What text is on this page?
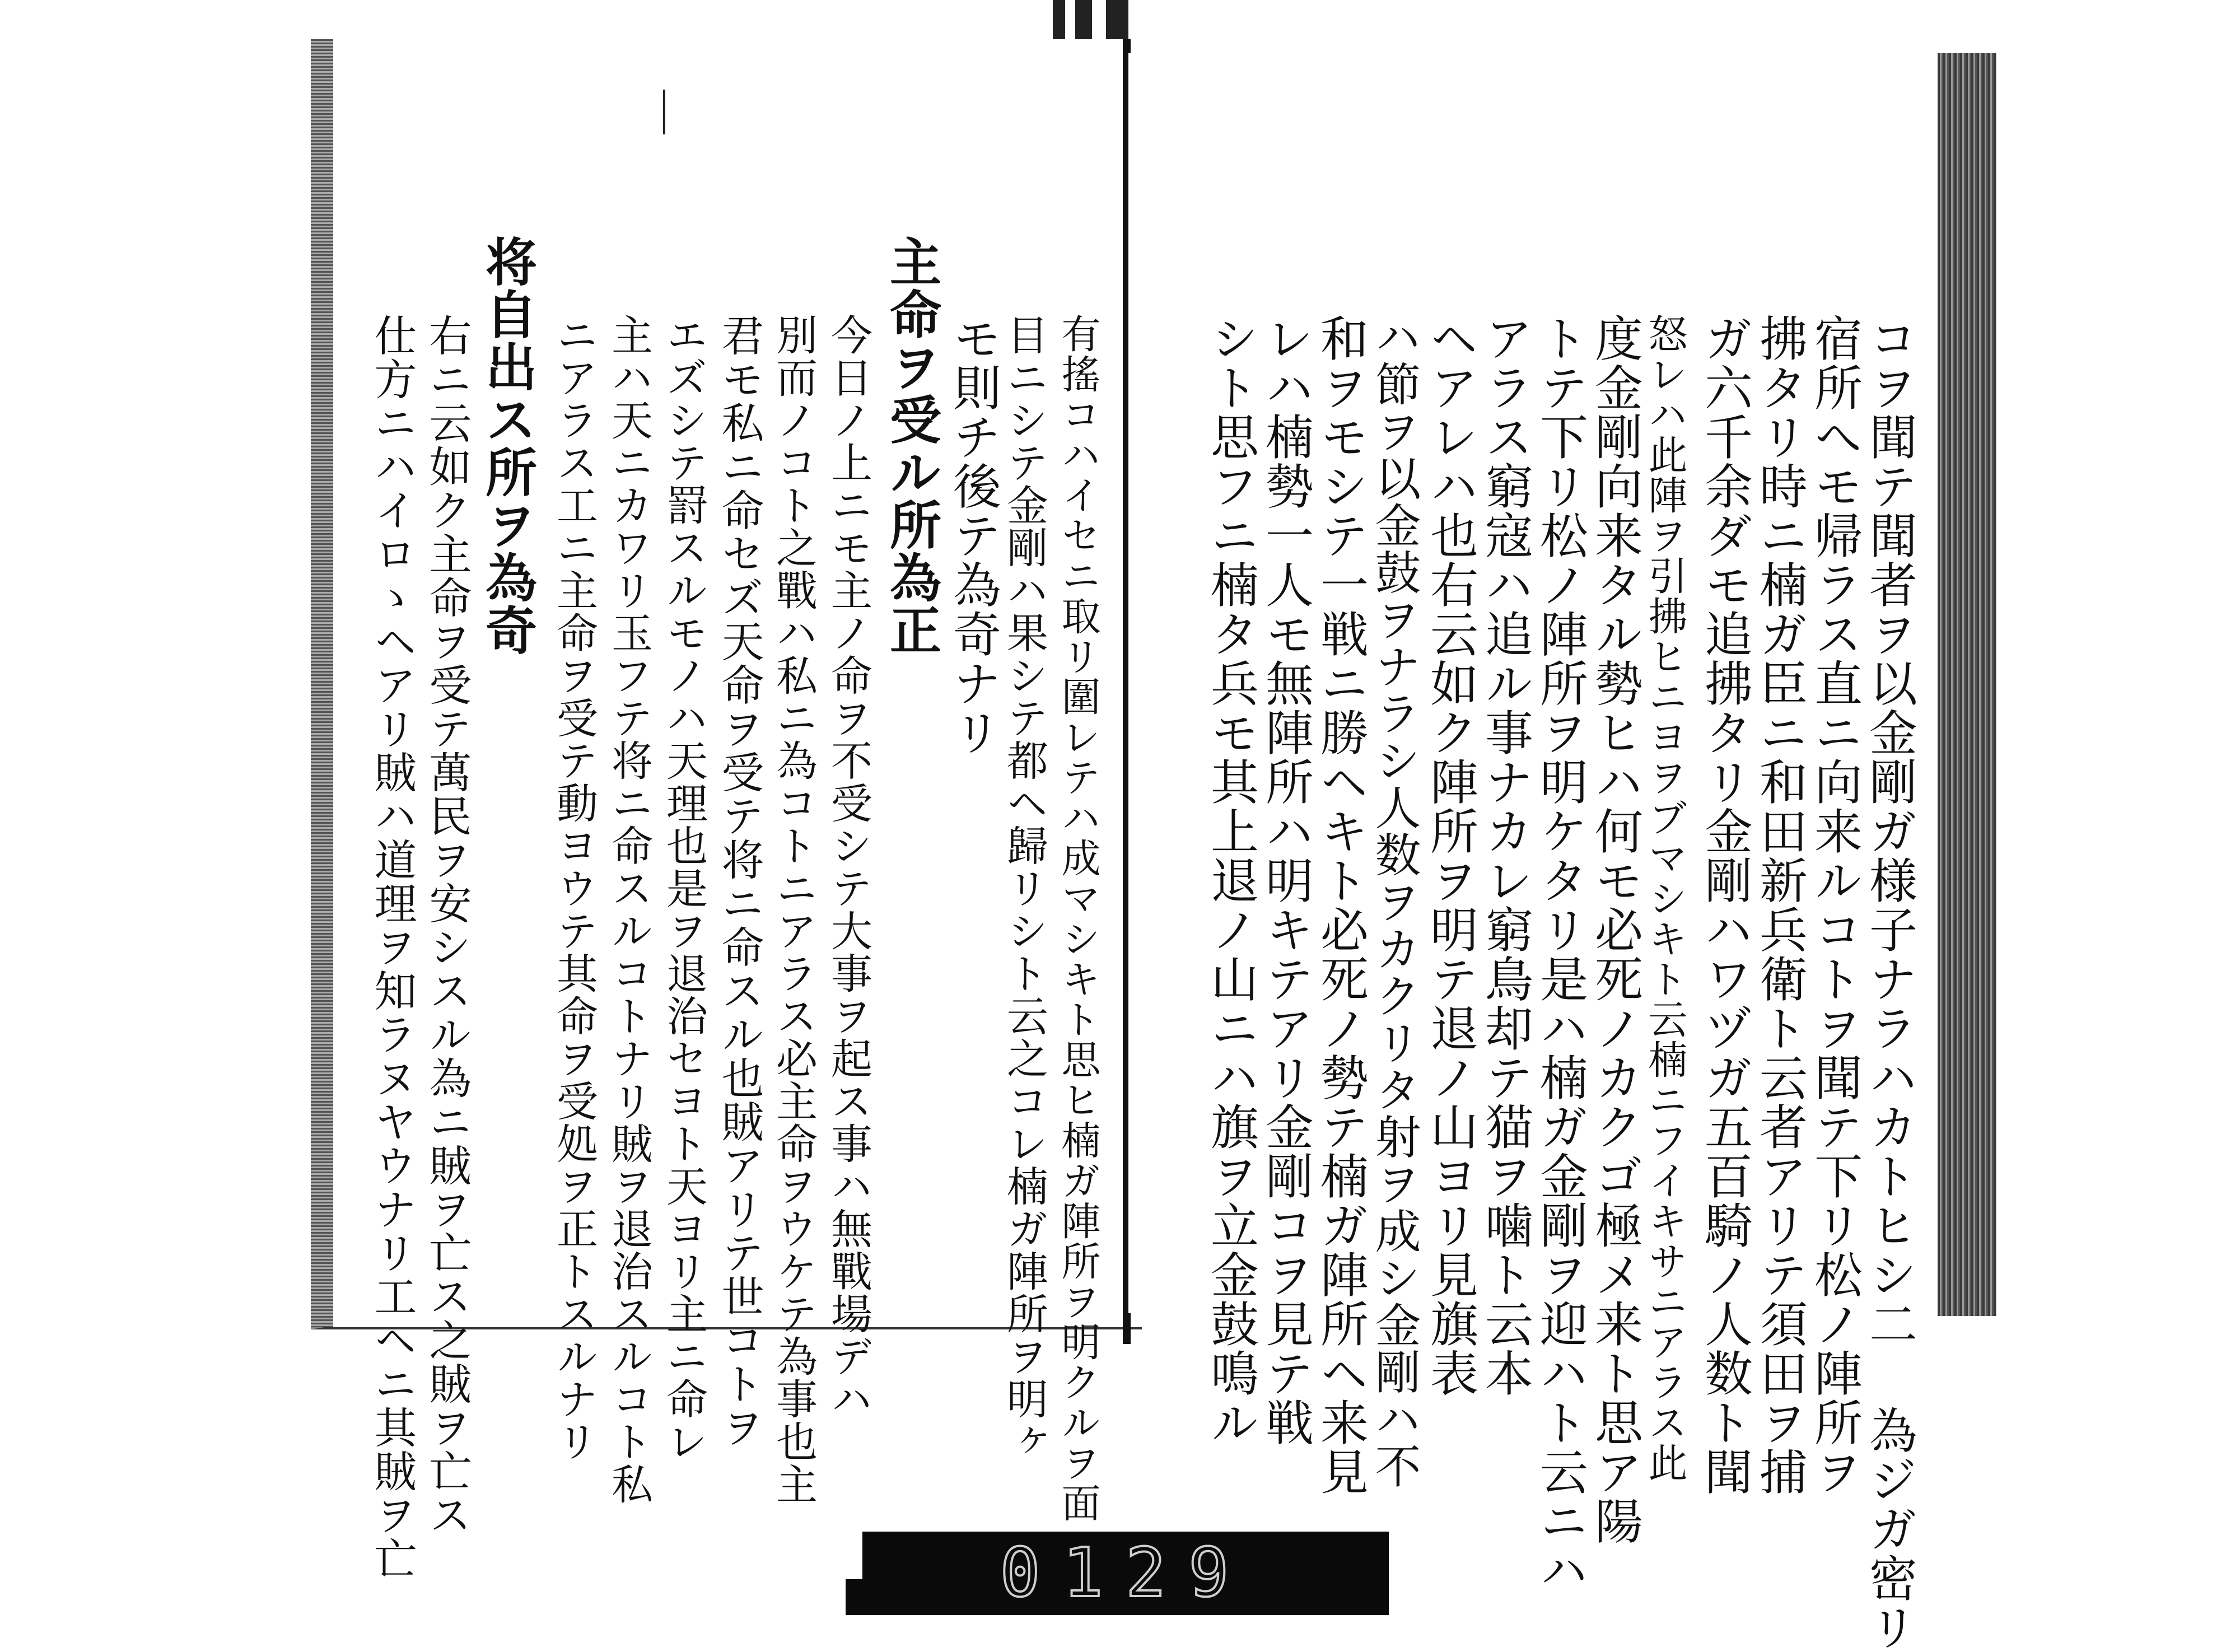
コヲ聞テ聞者ヲ以金剛ガ様子ナラハカトヒシ二 為ジガ密リ
宿所へモ帰ラス直ニ向来ルコトヲ聞テ下リ松ノ陣所ヲ
拂タリ時ニ楠ガ臣ニ和田新兵衛ト云者アリテ須田ヲ捕
ガ六千余ダモ追拂タリ金剛ハワヅガ五百騎ノ人数ト聞
怒レハ此陣ヲ引拂ヒニヨヲブマシキト云楠ニフイキサニアラス此
度金剛向来タル勢ヒハ何モ必死ノカクゴ極メ来ト思ア陽
トテ下リ松ノ陣所ヲ明ケタリ是ハ楠ガ金剛ヲ迎ハト云ニハ
アラス窮寇ハ追ル事ナカレ窮鳥却テ猫ヲ噛ト云本
ヘアレハ也右云如ク陣所ヲ明テ退ノ山ヨリ見旗表
ハ節ヲ以金鼓ヲナラシ人数ヲカクリタ射ヲ成シ金剛ハ不
和ヲモシテ一戦ニ勝ヘキト必死ノ勢テ楠ガ陣所ヘ来見
レハ楠勢一人モ無陣所ハ明キテアリ金剛コヲ見テ戦
シト思フニ楠タ兵モ其上退ノ山ニハ旗ヲ立金鼓鳴ル
有搖コハイセニ取リ圍レテハ成マシキト思ヒ楠ガ陣所ヲ明クルヲ面
目ニシテ金剛ハ果シテ都ヘ歸リシト云之コレ楠ガ陣所ヲ明ヶ
モ則チ後テ為奇ナリ
主命ヲ受ル所為正
今日ノ上ニモ主ノ命ヲ不受シテ大事ヲ起ス事ハ無戰場デハ
別而ノコト之戰ハ私ニ為コトニアラス必主命ヲウケテ為事也主
君モ私ニ命セズ天命ヲ受テ将ニ命スル也賊アリテ世コトヲ
エズシテ罸スルモノハ天理也是ヲ退治セヨト天ヨリ主ニ命レ
主ハ天ニカワリ玉フテ将ニ命スルコトナリ賊ヲ退治スルコト私
ニアラス工ニ主命ヲ受テ動ヨウテ其命ヲ受処ヲ正トスルナリ
将自出ス所ヲ為奇
右ニ云如ク主命ヲ受テ萬民ヲ安シスル為ニ賊ヲ亡ス之賊ヲ亡ス
仕方ニハイロゝヘアリ賊ハ道理ヲ知ラヌヤウナリ工ヘニ其賊ヲ亡	0129
